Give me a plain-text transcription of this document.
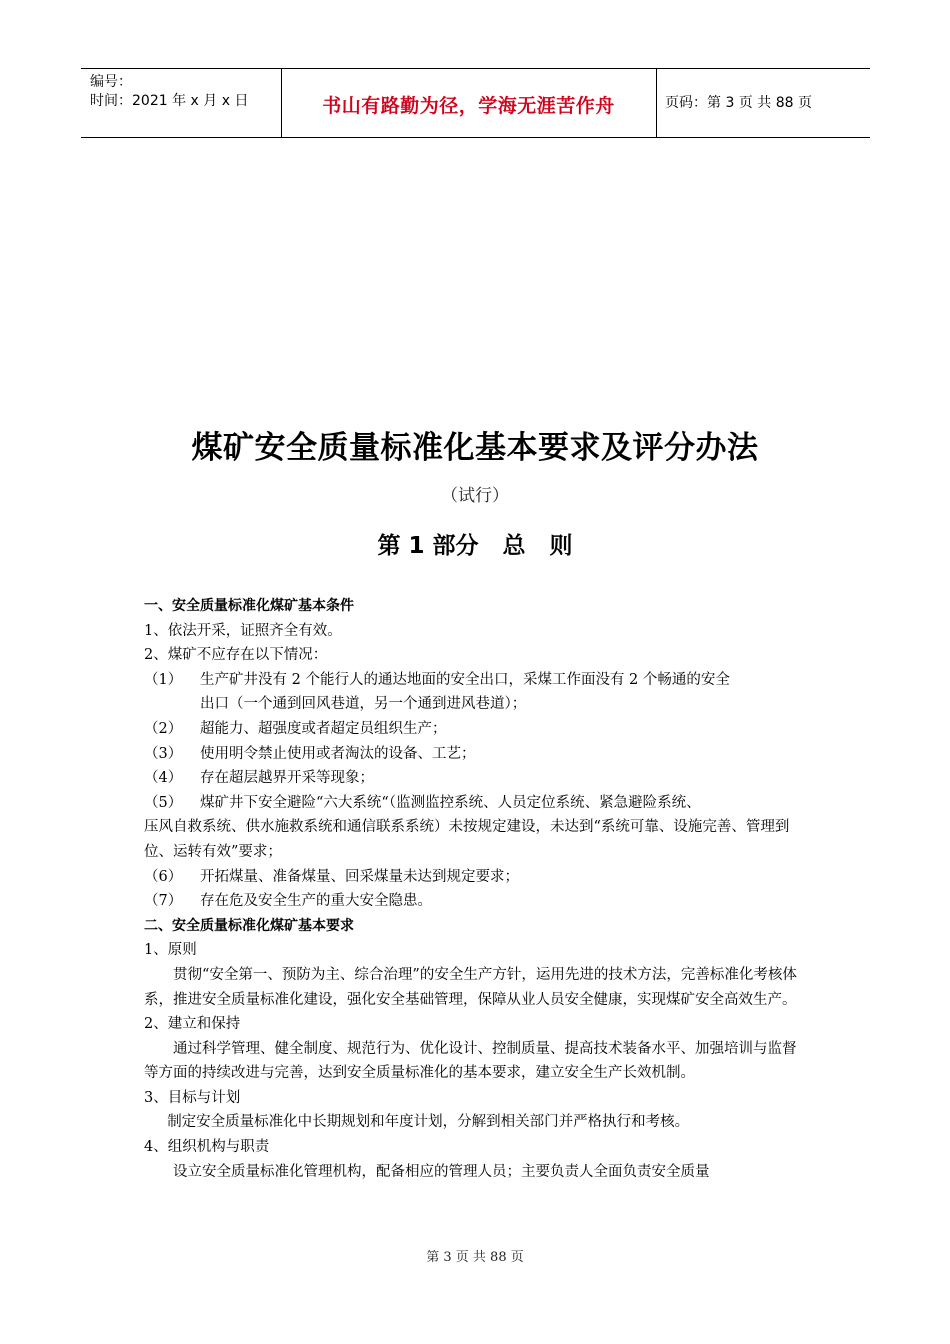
编号：
时间：2021 年 x 月 x 日	书山有路勤为径，学海无涯苦作舟	页码：第 3 页 共 88 页
煤矿安全质量标准化基本要求及评分办法
（试行）
第 1 部分   总   则

一、安全质量标准化煤矿基本条件

1、依法开采，证照齐全有效。

2、煤矿不应存在以下情况：

（1）	生产矿井没有 2 个能行人的通达地面的安全出口，采煤工作面没有 2 个畅通的安全
出口（一个通到回风巷道，另一个通到进风巷道）；
（2）	超能力、超强度或者超定员组织生产；
（3）	使用明令禁止使用或者淘汰的设备、工艺；
（4）	存在超层越界开采等现象；
（5）	煤矿井下安全避险“六大系统“（监测监控系统、人员定位系统、紧急避险系统、

压风自救系统、供水施救系统和通信联系系统）未按规定建设，未达到“系统可靠、设施完善、管理到位、运转有效”要求；

（6）	开拓煤量、准备煤量、回采煤量未达到规定要求；
（7）	存在危及安全生产的重大安全隐患。

二、安全质量标准化煤矿基本要求

1、原则

贯彻“安全第一、预防为主、综合治理”的安全生产方针，运用先进的技术方法，完善标准化考核体系，推进安全质量标准化建设，强化安全基础管理，保障从业人员安全健康，实现煤矿安全高效生产。

2、建立和保持

通过科学管理、健全制度、规范行为、优化设计、控制质量、提高技术装备水平、加强培训与监督等方面的持续改进与完善，达到安全质量标准化的基本要求，建立安全生产长效机制。

3、目标与计划

制定安全质量标准化中长期规划和年度计划，分解到相关部门并严格执行和考核。

4、组织机构与职责

设立安全质量标准化管理机构，配备相应的管理人员；主要负责人全面负责安全质量

第 3 页 共 88 页
